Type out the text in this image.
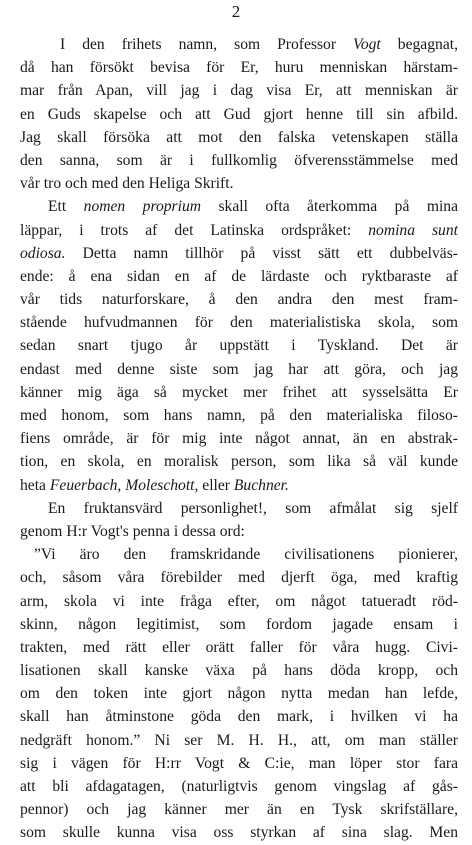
2
I den frihets namn, som Professor Vogt begagnat,
då han försökt bevisa för Er, huru menniskan härstam-
mar från Apan, vill jag i dag visa Er, att menniskan är
en Guds skapelse och att Gud gjort henne till sin afbild.
Jag skall försöka att mot den falska vetenskapen ställa
den sanna, som är i fullkomlig öfverensstämmelse med
vår tro och med den Heliga Skrift.
Ett nomen proprium skall ofta återkomma på mina
läppar, i trots af det Latinska ordspråket: nomina sunt
odiosa. Detta namn tillhör på visst sätt ett dubbelväs-
ende: å ena sidan en af de lärdaste och ryktbaraste af
vår tids naturforskare, å den andra den mest fram-
stående hufvudmannen för den materialistiska skola, som
sedan snart tjugo år uppstätt i Tyskland. Det är
endast med denne siste som jag har att göra, och jag
känner mig äga så mycket mer frihet att sysselsätta Er
med honom, som hans namn, på den materialiska filoso-
fiens område, är för mig inte något annat, än en abstrak-
tion, en skola, en moralisk person, som lika så väl kunde
heta Feuerbach, Moleschott, eller Buchner.
En fruktansvärd personlighet!, som afmålat sig sjelf
genom H:r Vogt's penna i dessa ord:
”Vi äro den framskridande civilisationens pionierer,
och, såsom våra förebilder med djerft öga, med kraftig
arm, skola vi inte fråga efter, om något tatueradt röd-
skinn, någon legitimist, som fordom jagade ensam i
trakten, med rätt eller orätt faller för våra hugg. Civi-
lisationen skall kanske växa på hans döda kropp, och
om den token inte gjort någon nytta medan han lefde,
skall han åtminstone göda den mark, i hvilken vi ha
nedgräft honom.” Ni ser M. H. H., att, om man ställer
sig i vägen för H:rr Vogt & C:ie, man löper stor fara
att bli afdagatagen, (naturligtvis genom vingslag af gås-
pennor) och jag känner mer än en Tysk skrifställare,
som skulle kunna visa oss styrkan af sina slag. Men
